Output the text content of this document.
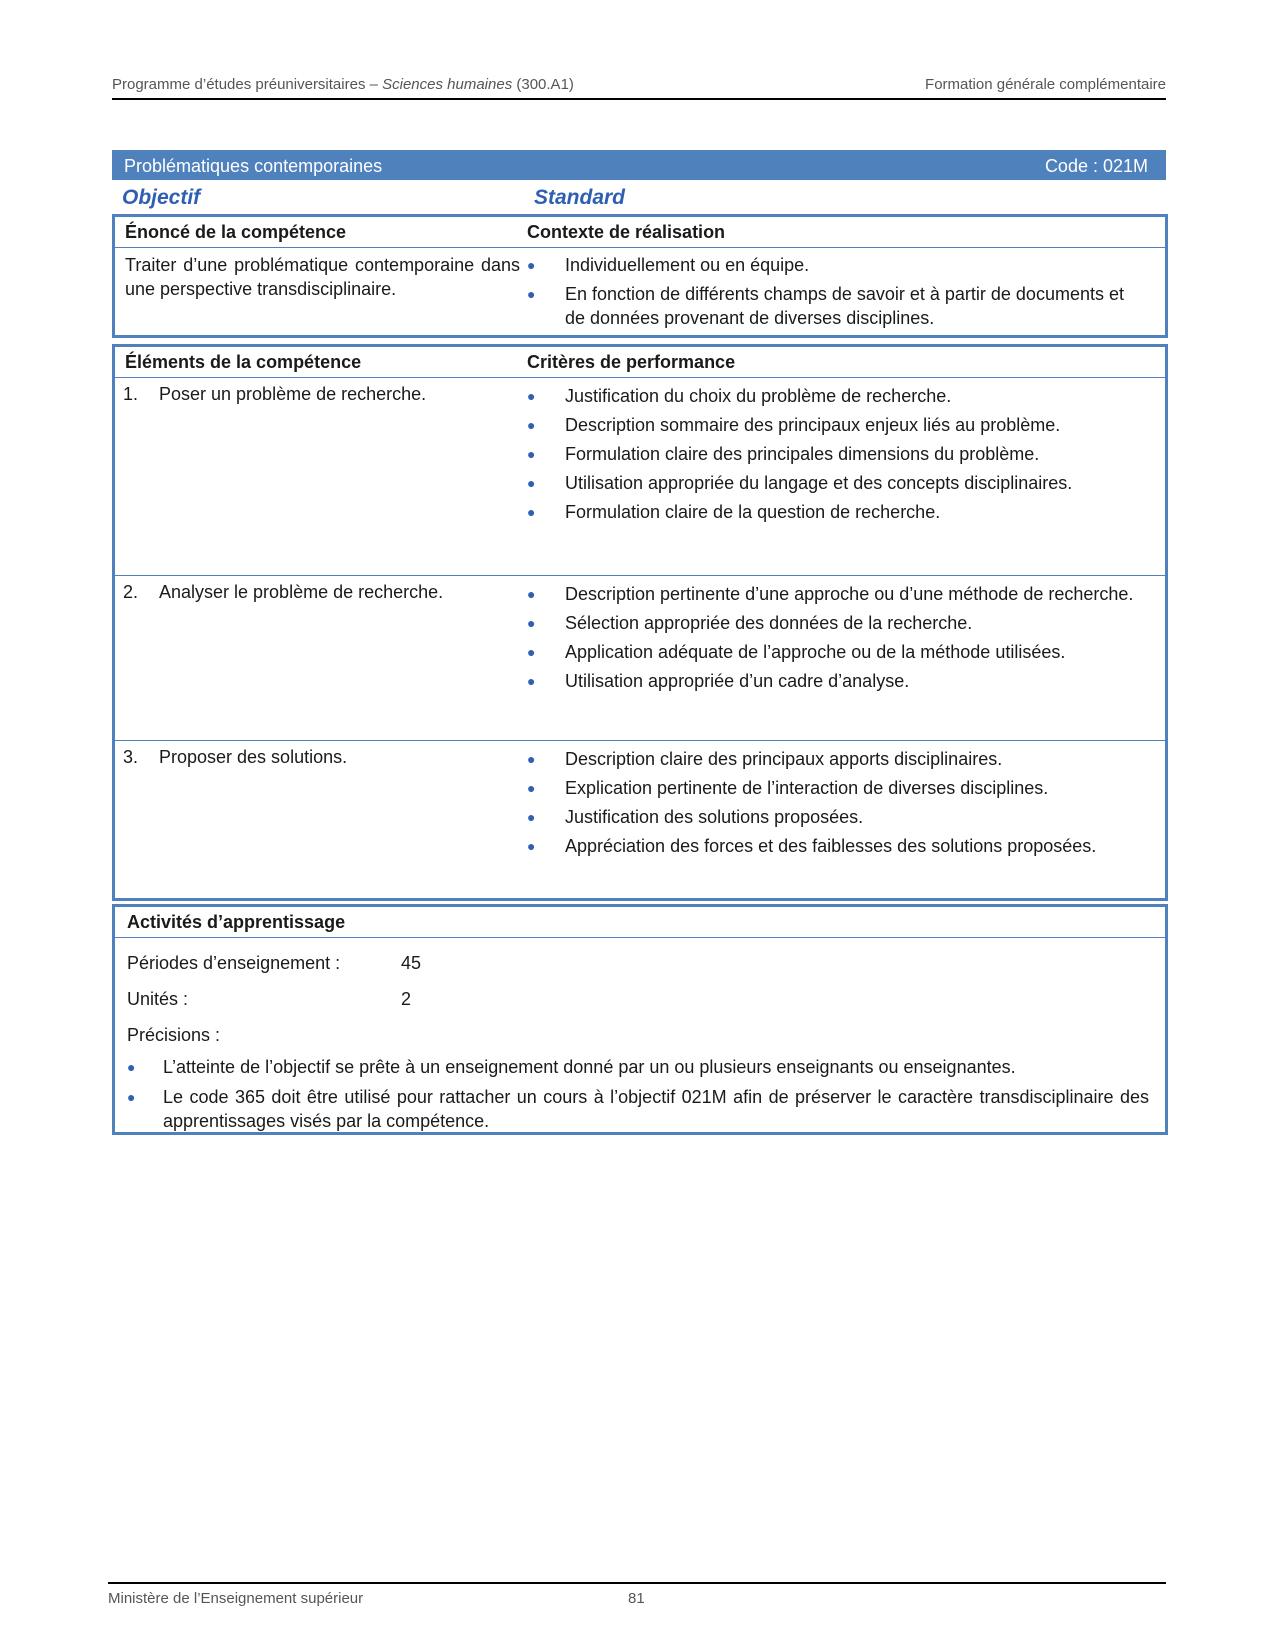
Programme d’études préuniversitaires – Sciences humaines (300.A1)	Formation générale complémentaire
Problématiques contemporaines	Code : 021M
Objectif	Standard
Énoncé de la compétence	Contexte de réalisation
Traiter d’une problématique contemporaine dans une perspective transdisciplinaire.
● Individuellement ou en équipe.
● En fonction de différents champs de savoir et à partir de documents et de données provenant de diverses disciplines.
Éléments de la compétence	Critères de performance
1. Poser un problème de recherche.	● Justification du choix du problème de recherche.
● Description sommaire des principaux enjeux liés au problème.
● Formulation claire des principales dimensions du problème.
● Utilisation appropriée du langage et des concepts disciplinaires.
● Formulation claire de la question de recherche.
2. Analyser le problème de recherche.	● Description pertinente d’une approche ou d’une méthode de recherche.
● Sélection appropriée des données de la recherche.
● Application adéquate de l’approche ou de la méthode utilisées.
● Utilisation appropriée d’un cadre d’analyse.
3. Proposer des solutions.	● Description claire des principaux apports disciplinaires.
● Explication pertinente de l’interaction de diverses disciplines.
● Justification des solutions proposées.
● Appréciation des forces et des faiblesses des solutions proposées.
Activités d’apprentissage
Périodes d’enseignement :	45
Unités :	2
Précisions :
● L’atteinte de l’objectif se prête à un enseignement donné par un ou plusieurs enseignants ou enseignantes.
● Le code 365 doit être utilisé pour rattacher un cours à l’objectif 021M afin de préserver le caractère transdisciplinaire des apprentissages visés par la compétence.
Ministère de l’Enseignement supérieur	81
